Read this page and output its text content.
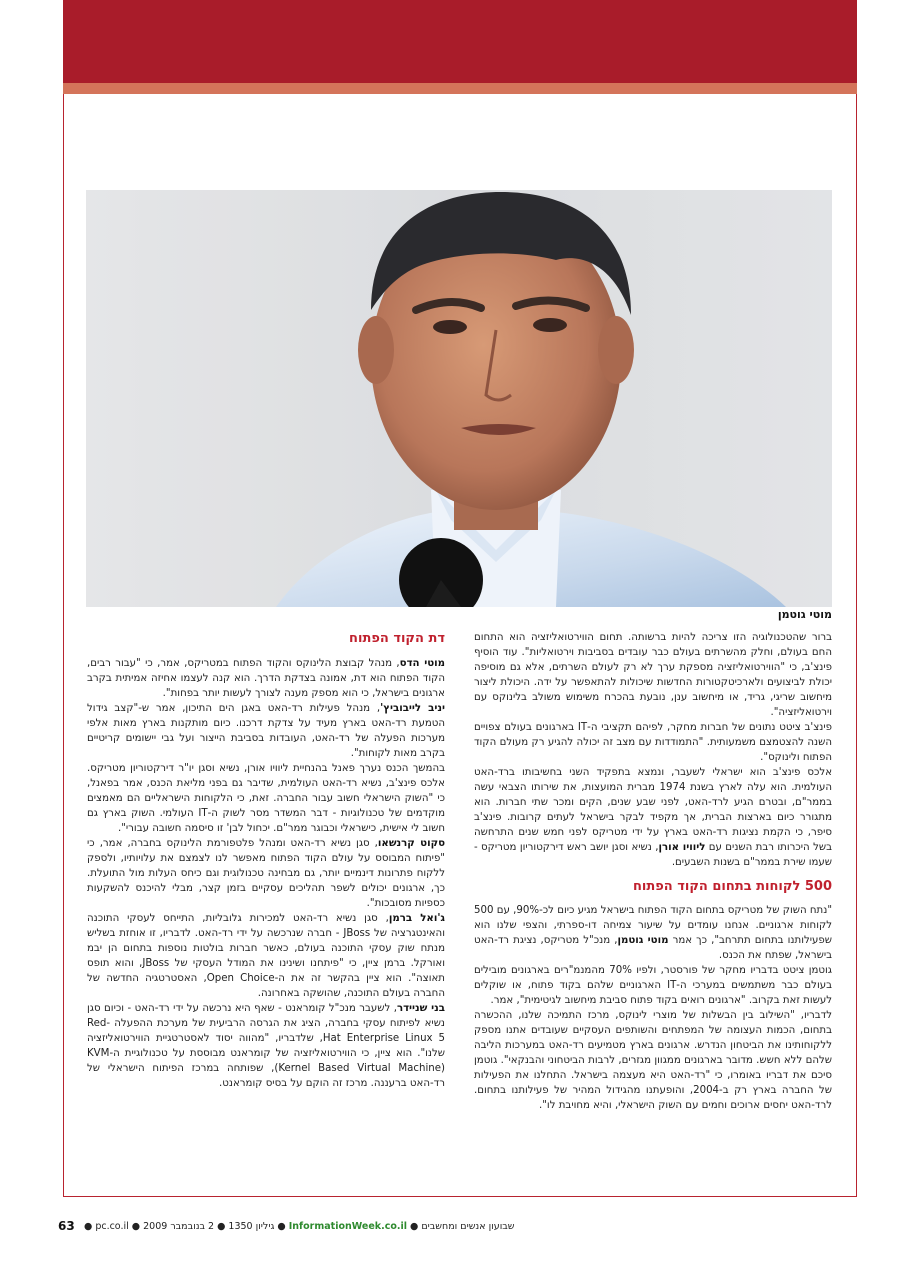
מוטי גוטמן

ברור שהטכנולוגיה הזו צריכה להיות ברשותה. תחום הווירטואליזציה הוא התחום החם בעולם, וחלק מהשרתים בעולם כבר עובדים בסביבות וירטואליות". עוד הוסיף פינצ'ב, כי "הווירטואליזציה מספקת ערך לא רק לעולם השרתים, אלא גם מוסיפה יכולת לביצועים ולארכיטקטורות החדשות שיכולות להתאפשר על ידה. היכולת ליצור מיחשוב שריגי, גריד, או מיחשוב ענן, נובעת בהכרח משימוש משולב בלינוקס עם וירטואליזציה".

פינצ'ב ציטט נתונים של חברות מחקר, לפיהם תקציבי ה-IT בארגונים בעולם צפויים השנה להצטמצם משמעותית. "התמודדות עם מצב זה יכולה להגיע רק מעולם הקוד הפתוח ולינוקס".

אלכס פינצ'ב הוא ישראלי לשעבר, ונמצא בתפקיד השני בחשיבותו ברד-האט העולמית. הוא עלה לארץ בשנת 1974 מברית המועצות, את שירותו הצבאי עשה בממר"ם, ובטרם הגיע לרד-האט, לפני שבע שנים, הקים ומכר שתי חברות. הוא מתגורר כיום בארצות הברית, אך מקפיד לבקר בישראל לעתים קרובות. פינצ'ב סיפר, כי הקמת נציגות רד-האט בארץ על ידי מטריקס לפני חמש שנים התרחשה בשל היכרותו רבת השנים עם ליוויו אורן, נשיא וסגן יושב ראש דירקטוריון מטריקס - שעמו שירת בממר"ם בשנות השבעים.

500 לקוחות בתחום הקוד הפתוח

"נתח השוק של מטריקס בתחום הקוד הפתוח בישראל מגיע כיום לכ-90%, עם 500 לקוחות ארגוניים. אנחנו עומדים על שיעור צמיחה דו-ספרתי, והצפי שלנו הוא שפעילותנו בתחום תתרחב", כך אמר מוטי גוטמן, מנכ"ל מטריקס, נציגת רד-האט בישראל, שפתח את הכנס.

גוטמן ציטט בדבריו מחקר של פורסטר, ולפיו 70% מהמנמ"רים בארגונים מובילים בעולם כבר משתמשים במערכי ה-IT הארגוניים שלהם בקוד פתוח, או שוקלים לעשות זאת בקרוב. "ארגונים רואים בקוד פתוח סביבת מיחשוב לגיטימית", אמר.

לדבריו, "השילוב בין הבשלות של מוצרי לינוקס, מרכז התמיכה שלנו, ההכשרה בתחום, הכמות העצומה של המפתחים והשותפים העסקיים שעובדים אתנו מספק ללקוחותינו את הביטחון הנדרש. ארגונים בארץ מטמיעים רד-האט במערכות הליבה שלהם ללא חשש. מדובר בארגונים ממגוון מגזרים, לרבות הביטחוני והבנקאי". גוטמן סיכם את דבריו באומרו, כי "רד-האט היא מעצמה בישראל. התחלנו את הפעילות של החברה בארץ רק ב-2004, והופעתנו מהגידול המהיר של פעילותנו בתחום. לרד-האט יחסים ארוכים וחמים עם השוק הישראלי, והיא מחויבת לו".

דת הקוד הפתוח

מוטי הדס, מנהל קבוצת הלינוקס והקוד הפתוח במטריקס, אמר, כי "עבור רבים, הקוד הפתוח הוא דת, אמונה בצדקת הדרך. הוא קנה לעצמו אחיזה אמיתית בקרב ארגונים בישראל, כי הוא מספק מענה לצורך לעשות יותר בפחות".

יניב לייבוביץ', מנהל פעילות רד-האט באגן הים התיכון, אמר ש-"קצב גידול הטמעת רד-האט בארץ מעיד על צדקת דרכנו. כיום מותקנות בארץ מאות אלפי מערכות הפעלה של רד-האט, העובדות בסביבת הייצור ועל גבי יישומים קריטיים בקרב מאות לקוחות".

בהמשך הכנס נערך פאנל בהנחיית ליוויו אורן, נשיא וסגן יו"ר דירקטוריון מטריקס. אלכס פינצ'ב, נשיא רד-האט העולמית, שדיבר גם בפני מליאת הכנס, אמר בפאנל, כי "השוק הישראלי חשוב עבור החברה. זאת, כי הלקוחות הישראליים הם מאמצים מוקדמים של טכנולוגיות - דבר המשדר מסר לשוק ה-IT העולמי. השוק בארץ גם חשוב לי אישית, כישראלי וכבוגר ממר"ם. יכחול לבן' זו סיסמה חשובה עבורי".

סקוט קרנשאו, סגן נשיא רד-האט ומנהל פלטפורמת הלינוקס בחברה, אמר, כי "פיתוח המבוסס על עולם הקוד הפתוח מאפשר לנו לצמצם את עלויותיו, ולספק ללקוח פתרונות דינמיים יותר, גם מבחינה טכנולוגית וגם כיחס העלות מול התועלת. כך, ארגונים יכולים לשפר תהליכים עסקיים בזמן קצר, מבלי להיכנס להשקעות כספיות מסובכות".

ג'ואל ברמן, סגן נשיא רד-האט למכירות גלובליות, התייחס לעסקי התוכנה והאינטגרציה של JBoss - חברה שנרכשה על ידי רד-האט. לדבריו, זו אוחזת בשליש מנתח שוק עסקי התוכנה בעולם, כאשר חברות בולטות נוספות בתחום הן יבמ ואורקל. ברמן ציין, כי "פיתחנו ושינינו את המודל העסקי של JBoss, והוא תופס תאוצה". הוא ציין בהקשר זה את ה-Open Choice, האסטרטגיה החדשה של החברה בעולם התוכנה, שהושקה באחרונה.

בני שניידר, לשעבר מנכ"ל קומראנט - שאף היא נרכשה על ידי רד-האט - וכיום סגן נשיא לפיתוח עסקי בחברה, הציג את הגרסה הרביעית של מערכת ההפעלה Red-Hat Enterprise Linux 5, שלדבריו, "מהווה יסוד לאסטרטגיית הווירטואליזציה שלנו". הוא ציין, כי הווירטואליזציה של קומראנט מבוססת על טכנולוגיית ה-KVM (Kernel Based Virtual Machine), שפותחה במרכז הפיתוח הישראלי של רד-האט ברעננה. מרכז זה הוקם על בסיס קומראנט.

63	שבועון אנשים ומחשבים ● InformationWeek.co.il ● גיליון 1350 ● 2 בנובמבר 2009 ● pc.co.il ●
